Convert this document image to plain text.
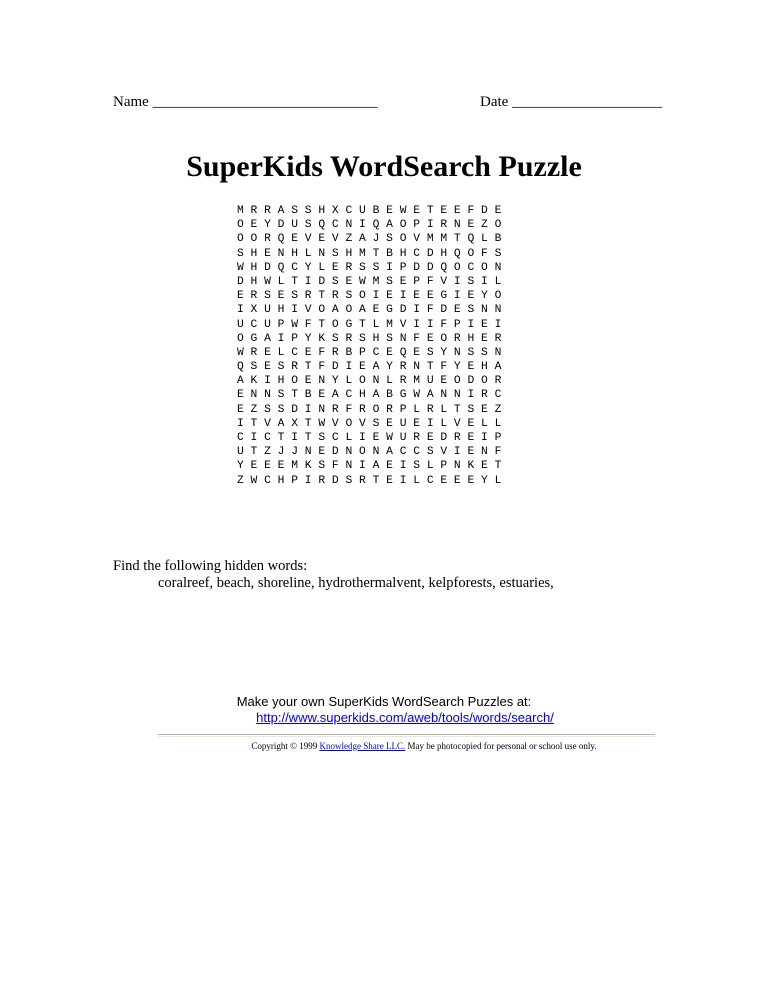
Name ______________________________	Date ____________________
SuperKids WordSearch Puzzle
M R R A S S H X C U B E W E T E E F D E
O E Y D U S Q C N I Q A O P I R N E Z O
O O R Q E V E V Z A J S O V M M T Q L B
S H E N H L N S H M T B H C D H Q O F S
W H D Q C Y L E R S S I P D D Q O C O N
D H W L T I D S E W M S E P F V I S I L
E R S E S R T R S O I E I E E G I E Y O
I X U H I V O A O A E G D I F D E S N N
U C U P W F T O G T L M V I I F P I E I
O G A I P Y K S R S H S N F E O R H E R
W R E L C E F R B P C E Q E S Y N S S N
Q S E S R T F D I E A Y R N T F Y E H A
A K I H O E N Y L O N L R M U E O D O R
E N N S T B E A C H A B G W A N N I R C
E Z S S D I N R F R O R P L R L T S E Z
I T V A X T W V O V S E U E I L V E L L
C I C T I T S C L I E W U R E D R E I P
U T Z J J N E D N O N A C C S V I E N F
Y E E E M K S F N I A E I S L P N K E T
Z W C H P I R D S R T E I L C E E E Y L
Find the following hidden words:
coralreef, beach, shoreline, hydrothermalvent, kelpforests, estuaries,
Make your own SuperKids WordSearch Puzzles at:
http://www.superkids.com/aweb/tools/words/search/
Copyright © 1999 Knowledge Share LLC. May be photocopied for personal or school use only.
